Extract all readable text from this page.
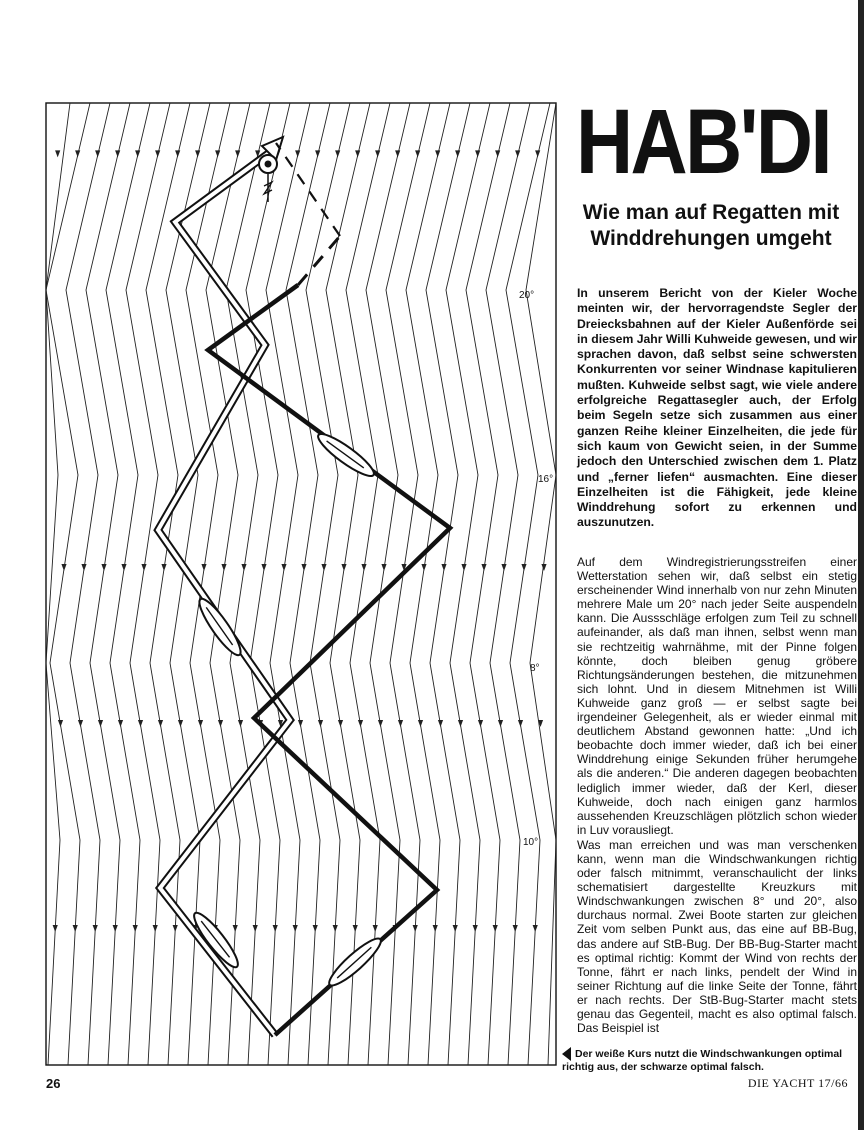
20°
16°
8°
10°
HAB'DI
Wie man auf Regatten mit Winddrehungen umgeht
In unserem Bericht von der Kieler Woche meinten wir, der hervorragendste Segler der Dreiecksbahnen auf der Kieler Außenförde sei in diesem Jahr Willi Kuhweide gewesen, und wir sprachen davon, daß selbst seine schwersten Konkurrenten vor seiner Windnase kapitulieren mußten. Kuhweide selbst sagt, wie viele andere erfolgreiche Regattasegler auch, der Erfolg beim Segeln setze sich zusammen aus einer ganzen Reihe kleiner Einzelheiten, die jede für sich kaum von Gewicht seien, in der Summe jedoch den Unterschied zwischen dem 1. Platz und „ferner liefen“ ausmachten. Eine dieser Einzelheiten ist die Fähigkeit, jede kleine Winddrehung sofort zu erkennen und auszunutzen.

Auf dem Windregistrierungsstreifen einer Wetterstation sehen wir, daß selbst ein stetig erscheinender Wind innerhalb von nur zehn Minuten mehrere Male um 20° nach jeder Seite auspendeln kann. Die Aussschläge erfolgen zum Teil zu schnell aufeinander, als daß man ihnen, selbst wenn man sie rechtzeitig wahrnähme, mit der Pinne folgen könnte, doch bleiben genug gröbere Richtungsänderungen bestehen, die mitzunehmen sich lohnt. Und in diesem Mitnehmen ist Willi Kuhweide ganz groß — er selbst sagte bei irgendeiner Gelegenheit, als er wieder einmal mit deutlichem Abstand gewonnen hatte: „Und ich beobachte doch immer wieder, daß ich bei einer Winddrehung einige Sekunden früher herumgehe als die anderen.“ Die anderen dagegen beobachten lediglich immer wieder, daß der Kerl, dieser Kuhweide, doch nach einigen ganz harmlos aussehenden Kreuzschlägen plötzlich schon wieder in Luv vorausliegt.

Was man erreichen und was man verschenken kann, wenn man die Windschwankungen richtig oder falsch mitnimmt, veranschaulicht der links schematisiert dargestellte Kreuzkurs mit Windschwankungen zwischen 8° und 20°, also durchaus normal. Zwei Boote starten zur gleichen Zeit vom selben Punkt aus, das eine auf BB-Bug, das andere auf StB-Bug. Der BB-Bug-Starter macht es optimal richtig: Kommt der Wind von rechts der Tonne, fährt er nach links, pendelt der Wind in seiner Richtung auf die linke Seite der Tonne, fährt er nach rechts. Der StB-Bug-Starter macht stets genau das Gegenteil, macht es also optimal falsch. Das Beispiel ist

Der weiße Kurs nutzt die Windschwankungen optimal richtig aus, der schwarze optimal falsch.
26	DIE YACHT 17/66
